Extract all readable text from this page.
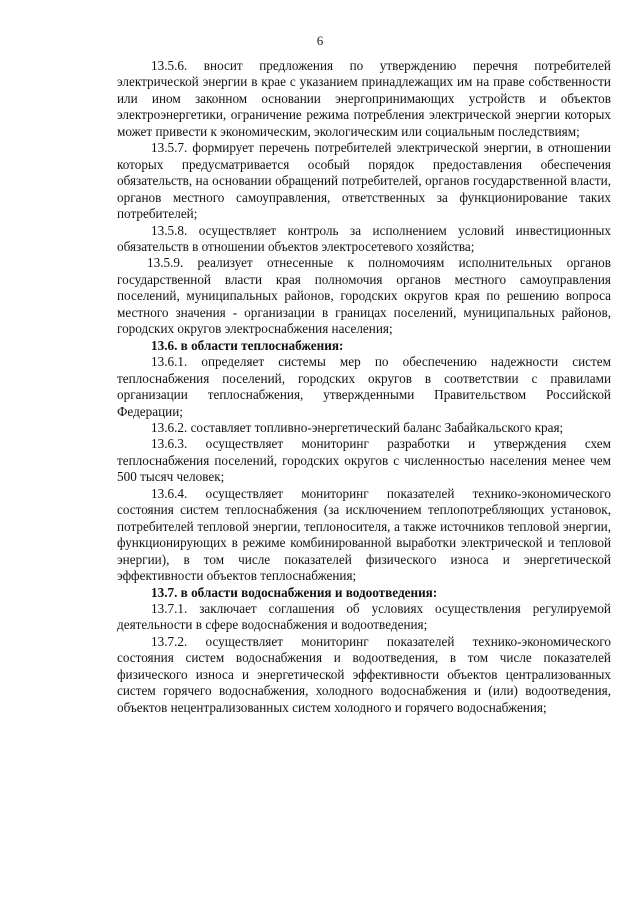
6

13.5.6. вносит предложения по утверждению перечня потребителей электрической энергии в крае с указанием принадлежащих им на праве собственности или ином законном основании энергопринимающих устройств и объектов электроэнергетики, ограничение режима потребления электрической энергии которых может привести к экономическим, экологическим или социальным последствиям;

13.5.7. формирует перечень потребителей электрической энергии, в отношении которых предусматривается особый порядок предоставления обеспечения обязательств, на основании обращений потребителей, органов государственной власти, органов местного самоуправления, ответственных за функционирование таких потребителей;

13.5.8. осуществляет контроль за исполнением условий инвестиционных обязательств в отношении объектов электросетевого хозяйства;

13.5.9. реализует отнесенные к полномочиям исполнительных органов государственной власти края полномочия органов местного самоуправления поселений, муниципальных районов, городских округов края по решению вопроса местного значения - организации в границах поселений, муниципальных районов, городских округов электроснабжения населения;

13.6. в области теплоснабжения:

13.6.1. определяет системы мер по обеспечению надежности систем теплоснабжения поселений, городских округов в соответствии с правилами организации теплоснабжения, утвержденными Правительством Российской Федерации;

13.6.2. составляет топливно-энергетический баланс Забайкальского края;

13.6.3. осуществляет мониторинг разработки и утверждения схем теплоснабжения поселений, городских округов с численностью населения менее чем 500 тысяч человек;

13.6.4. осуществляет мониторинг показателей технико-экономического состояния систем теплоснабжения (за исключением теплопотребляющих установок, потребителей тепловой энергии, теплоносителя, а также источников тепловой энергии, функционирующих в режиме комбинированной выработки электрической и тепловой энергии), в том числе показателей физического износа и энергетической эффективности объектов теплоснабжения;

13.7. в области водоснабжения и водоотведения:

13.7.1. заключает соглашения об условиях осуществления регулируемой деятельности в сфере водоснабжения и водоотведения;

13.7.2. осуществляет мониторинг показателей технико-экономического состояния систем водоснабжения и водоотведения, в том числе показателей физического износа и энергетической эффективности объектов централизованных систем горячего водоснабжения, холодного водоснабжения и (или) водоотведения, объектов нецентрализованных систем холодного и горячего водоснабжения;
